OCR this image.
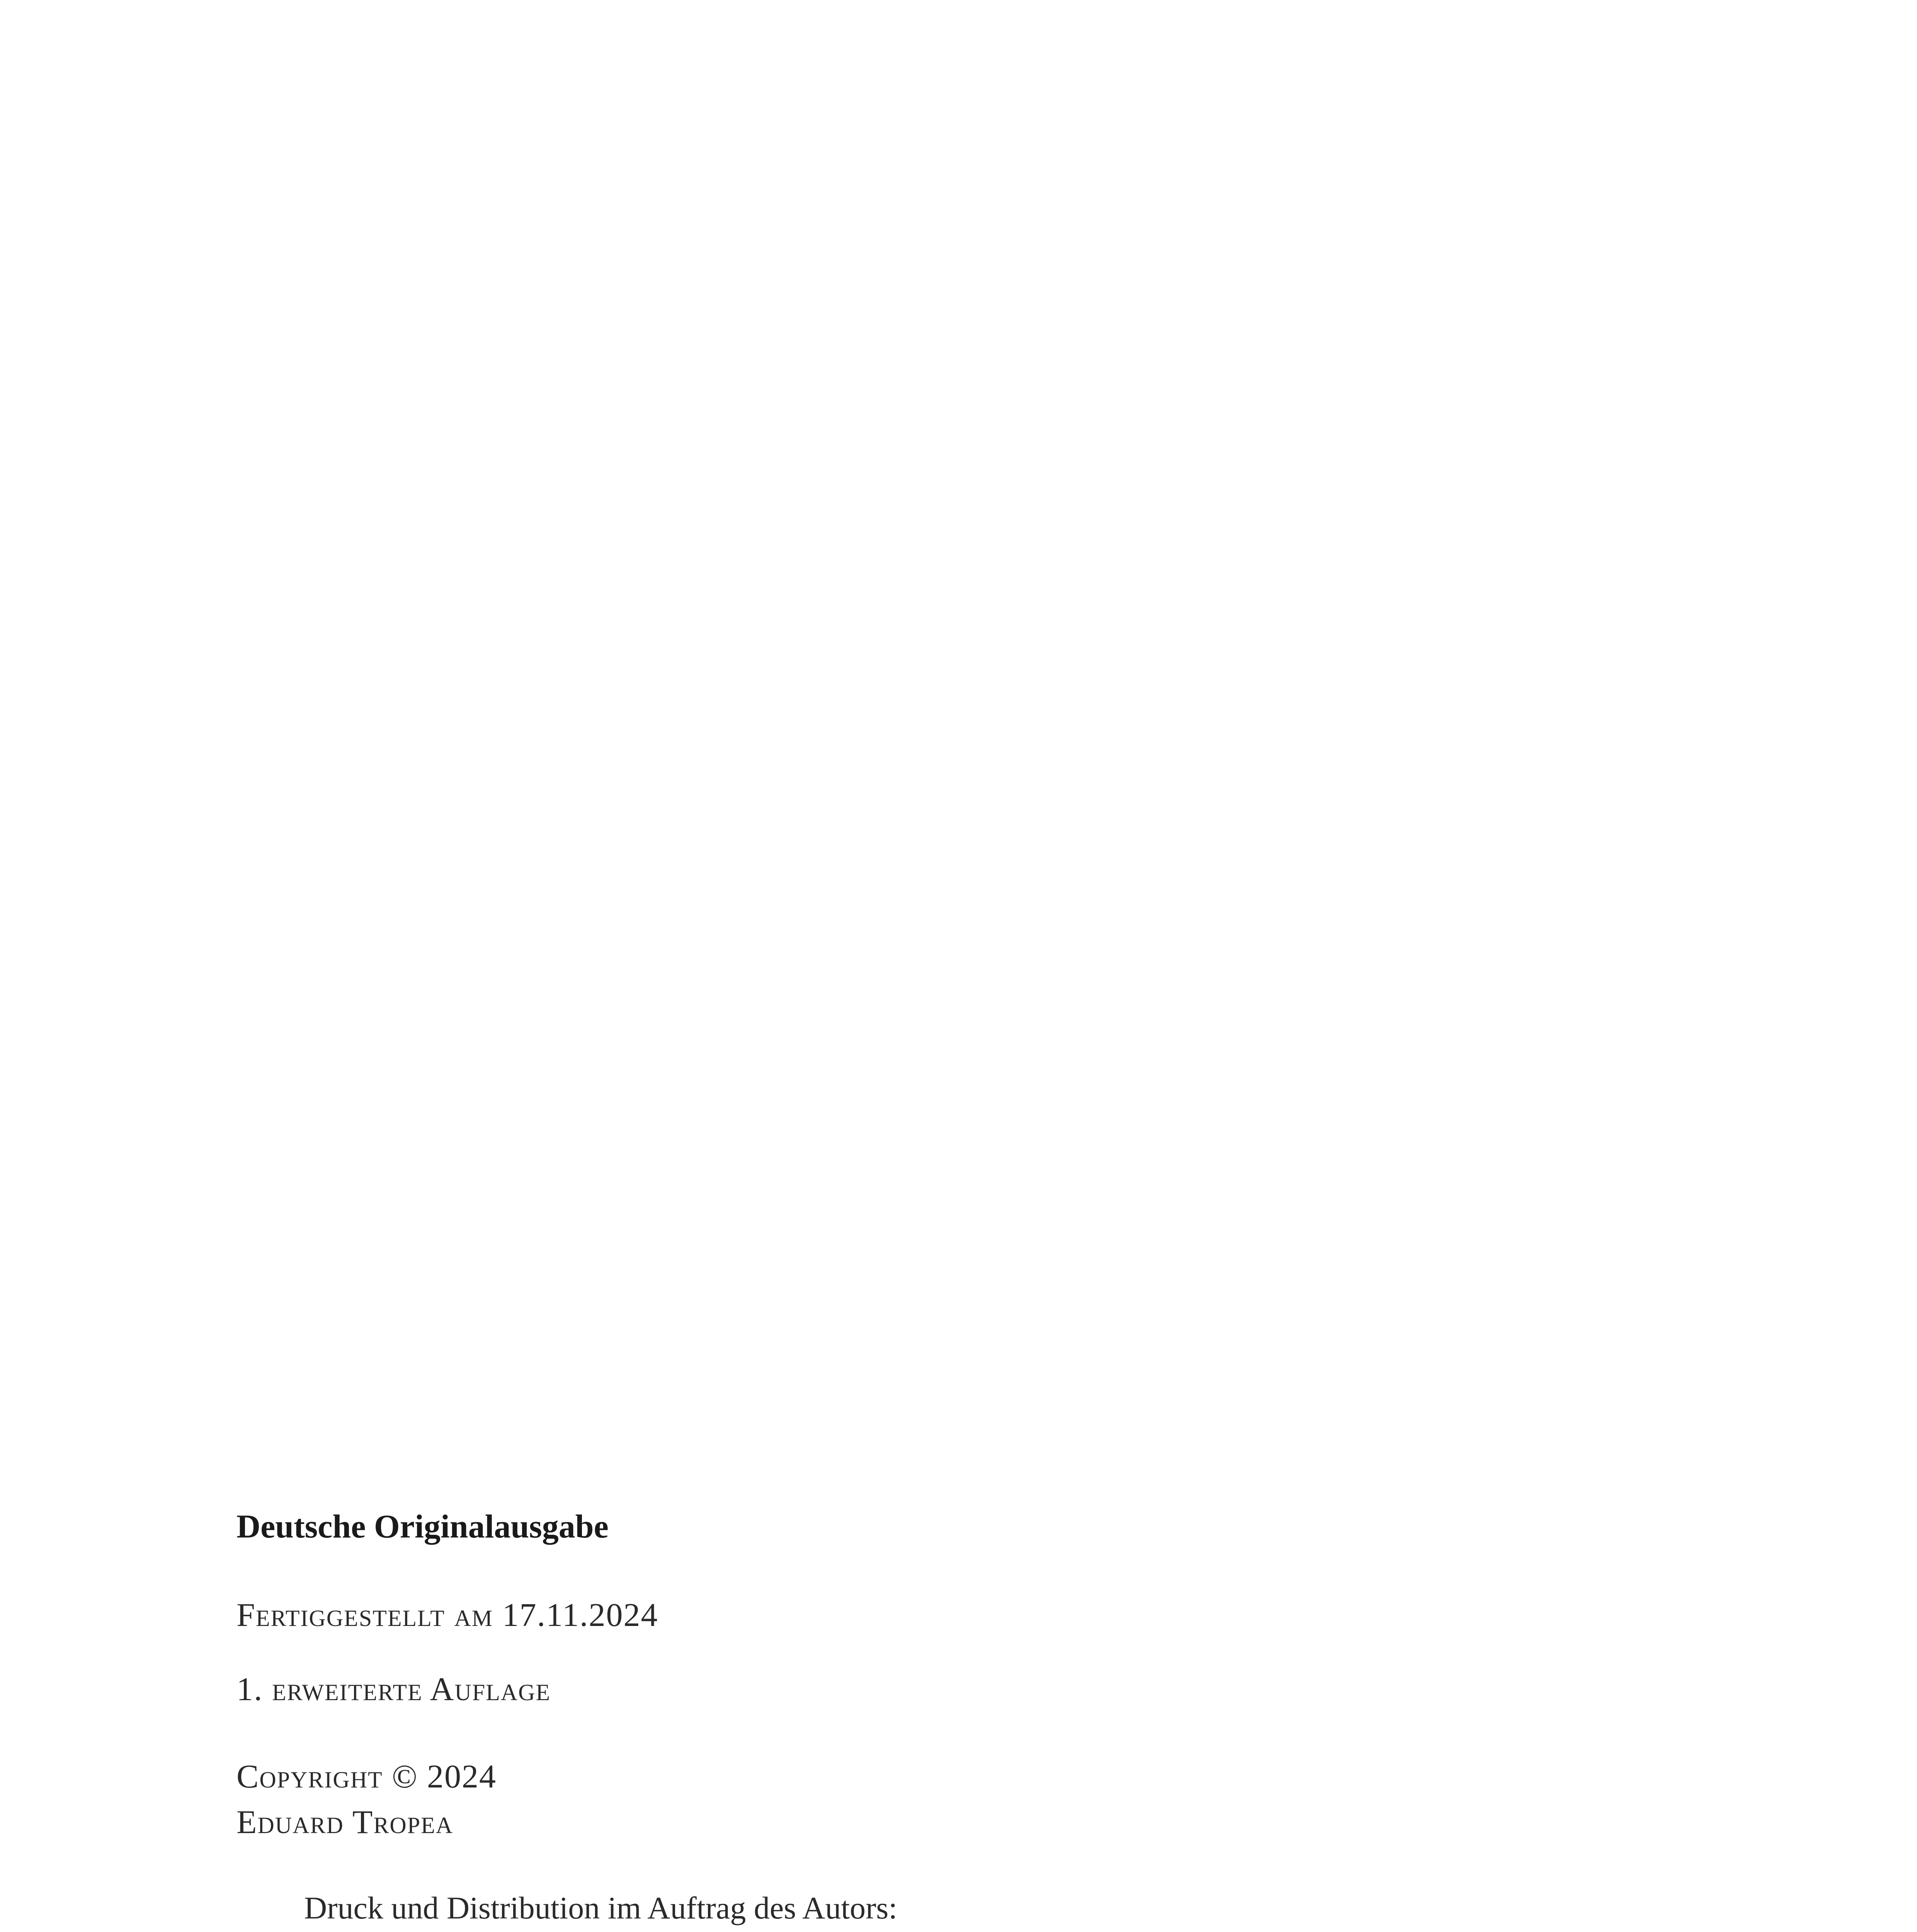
Deutsche Originalausgabe
Fertiggestellt am 17.11.2024
1. erweiterte Auflage
Copyright © 2024
Eduard Tropea
Druck und Distribution im Auftrag des Autors:
